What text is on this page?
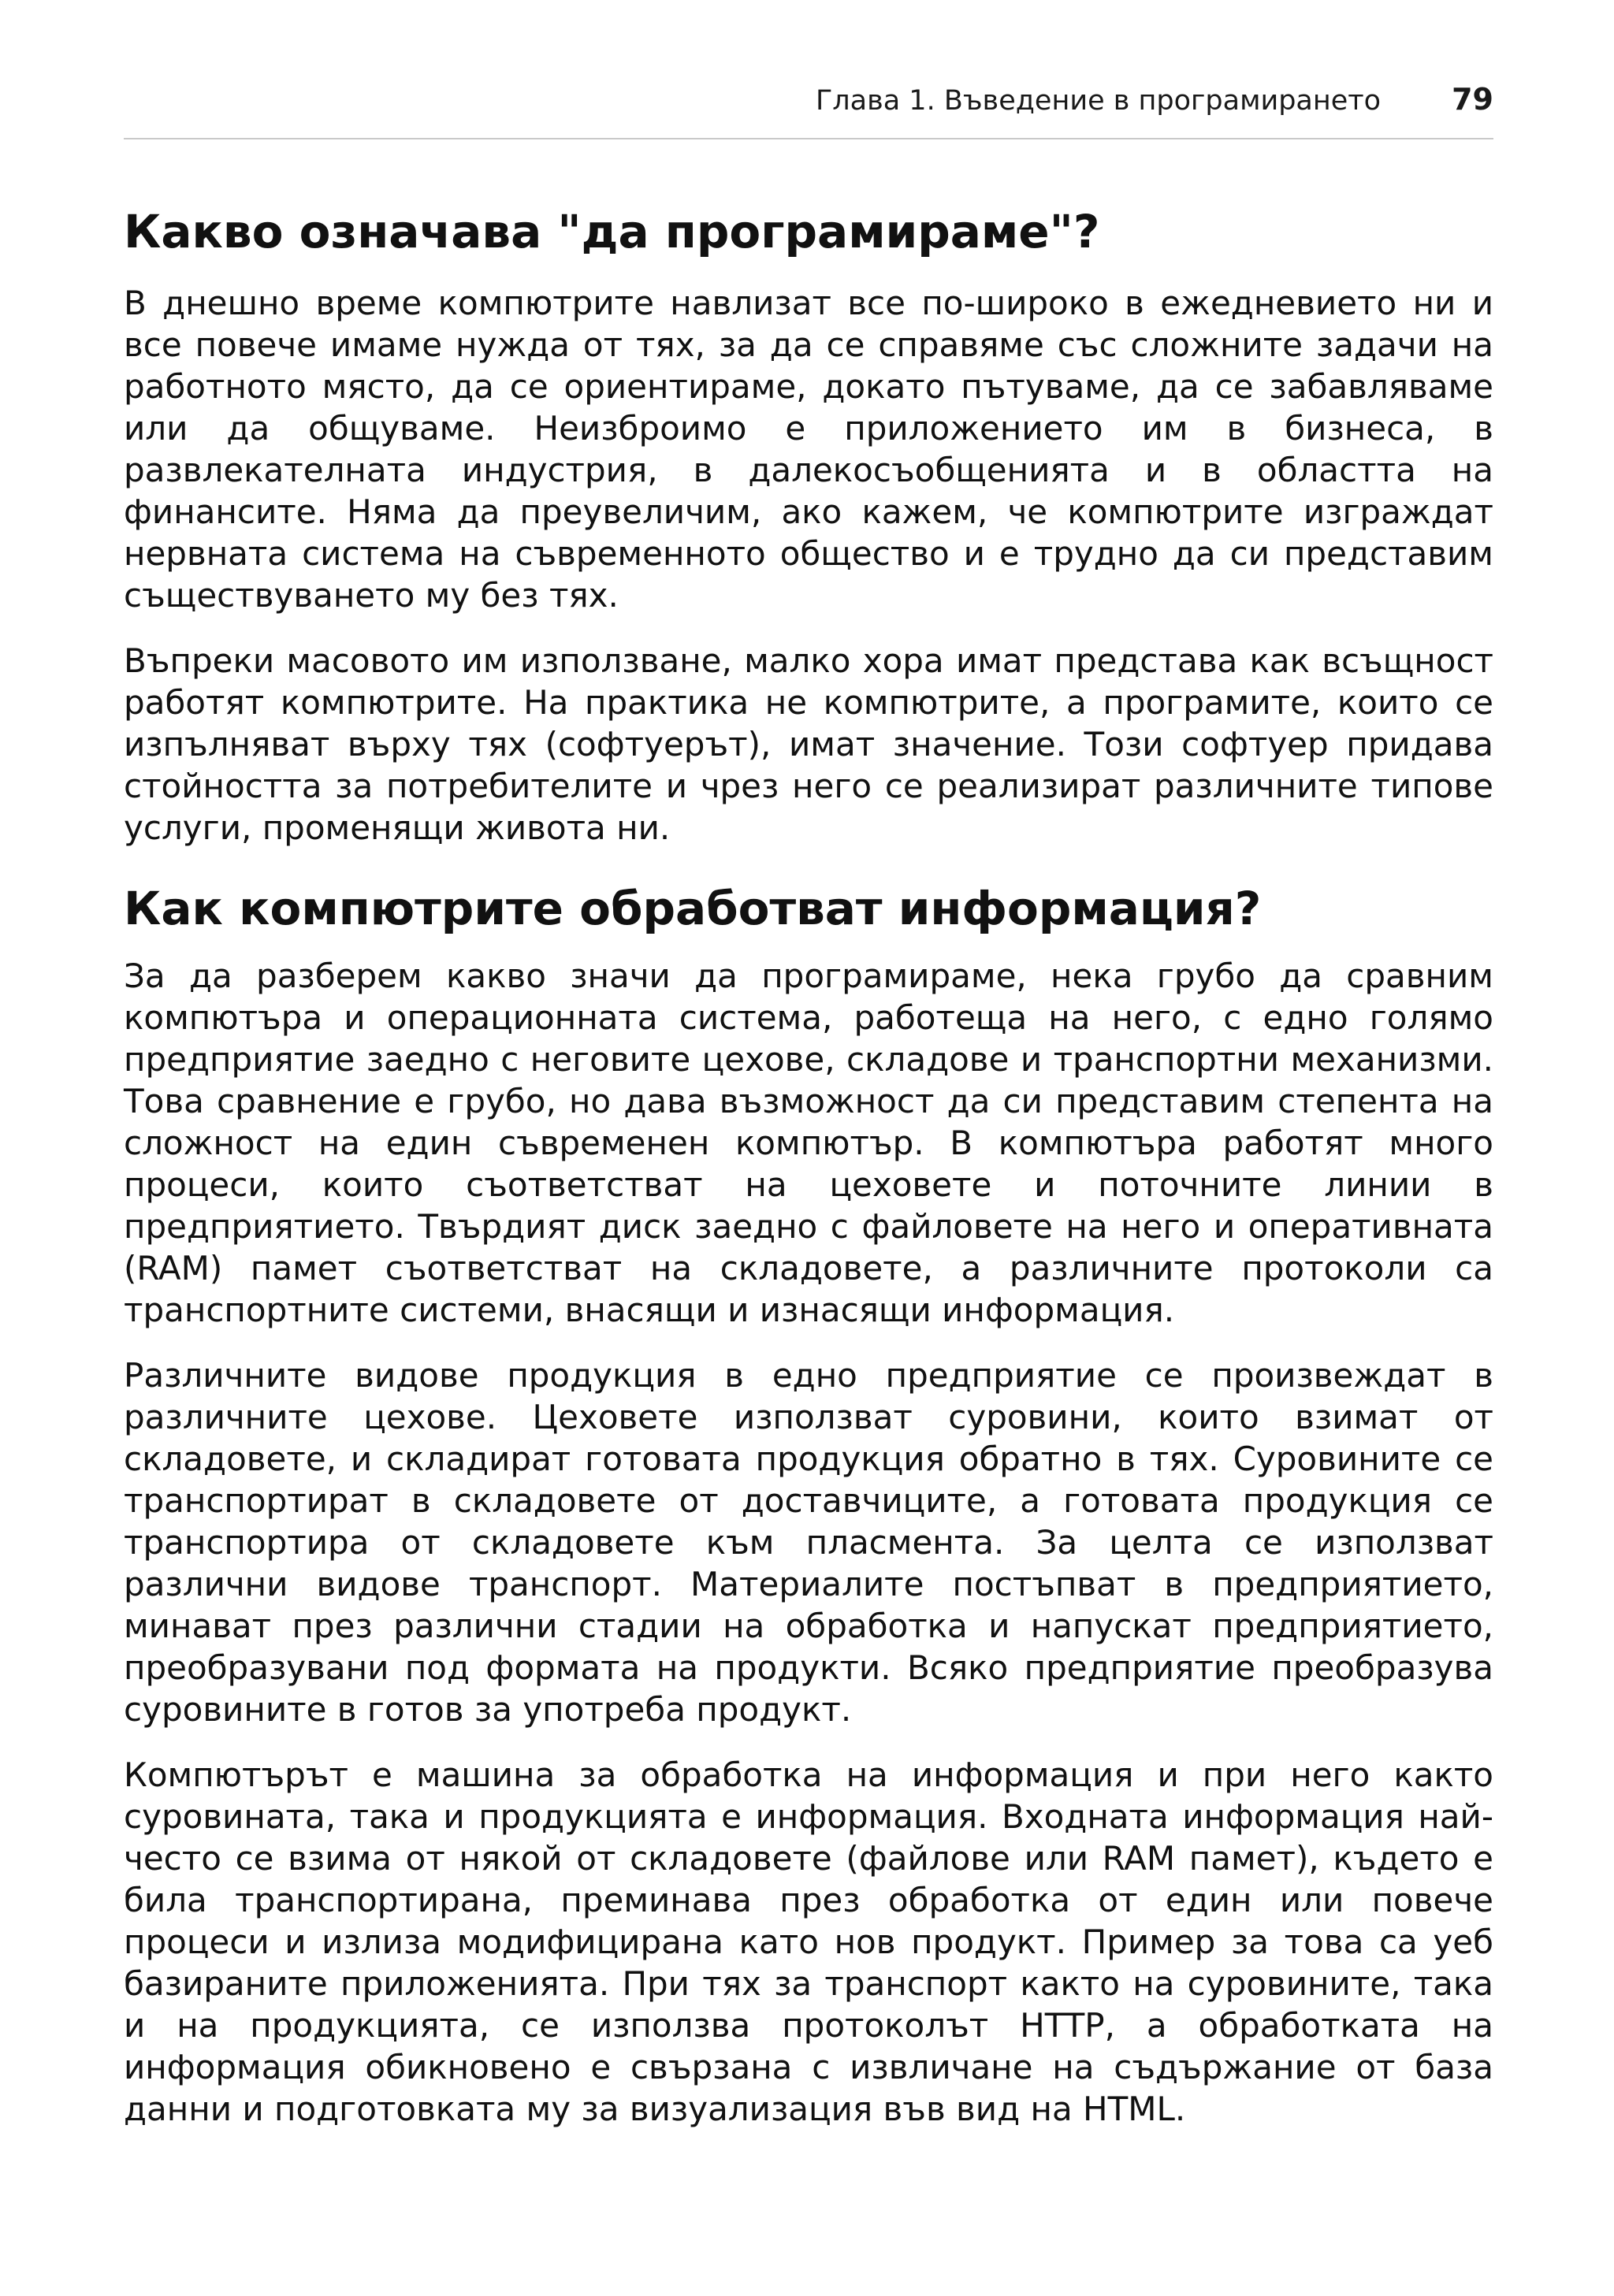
Глава 1. Въведение в програмирането 79
Какво означава "да програмираме"?

В днешно време компютрите навлизат все по-широко в ежедневието ни и все повече имаме нужда от тях, за да се справяме със сложните задачи на работното място, да се ориентираме, докато пътуваме, да се забавляваме или да общуваме. Неизброимо е приложението им в бизнеса, в развлекателната индустрия, в далекосъобщенията и в областта на финансите. Няма да преувеличим, ако кажем, че компютрите изграждат нервната система на съвременното общество и е трудно да си представим съществуването му без тях.

Въпреки масовото им използване, малко хора имат представа как всъщност работят компютрите. На практика не компютрите, а програмите, които се изпълняват върху тях (софтуерът), имат значение. Този софтуер придава стойността за потребителите и чрез него се реализират различните типове услуги, променящи живота ни.

Как компютрите обработват информация?

За да разберем какво значи да програмираме, нека грубо да сравним компютъра и операционната система, работеща на него, с едно голямо предприятие заедно с неговите цехове, складове и транспортни механизми. Това сравнение е грубо, но дава възможност да си представим степента на сложност на един съвременен компютър. В компютъра работят много процеси, които съответстват на цеховете и поточните линии в предприятието. Твърдият диск заедно с файловете на него и оперативната (RAM) памет съответстват на складовете, а различните протоколи са транспортните системи, внасящи и изнасящи информация.

Различните видове продукция в едно предприятие се произвеждат в различните цехове. Цеховете използват суровини, които взимат от складовете, и складират готовата продукция обратно в тях. Суровините се транспортират в складовете от доставчиците, а готовата продукция се транспортира от складовете към пласмента. За целта се използват различни видове транспорт. Материалите постъпват в предприятието, минават през различни стадии на обработка и напускат предприятието, преобразувани под формата на продукти. Всяко предприятие преобразува суровините в готов за употреба продукт.

Компютърът е машина за обработка на информация и при него както суровината, така и продукцията е информация. Входната информация най-често се взима от някой от складовете (файлове или RAM памет), където е била транспортирана, преминава през обработка от един или повече процеси и излиза модифицирана като нов продукт. Пример за това са уеб базираните приложенията. При тях за транспорт както на суровините, така и на продукцията, се използва протоколът HTTP, а обработката на информация обикновено е свързана с извличане на съдържание от база данни и подготовката му за визуализация във вид на HTML.
